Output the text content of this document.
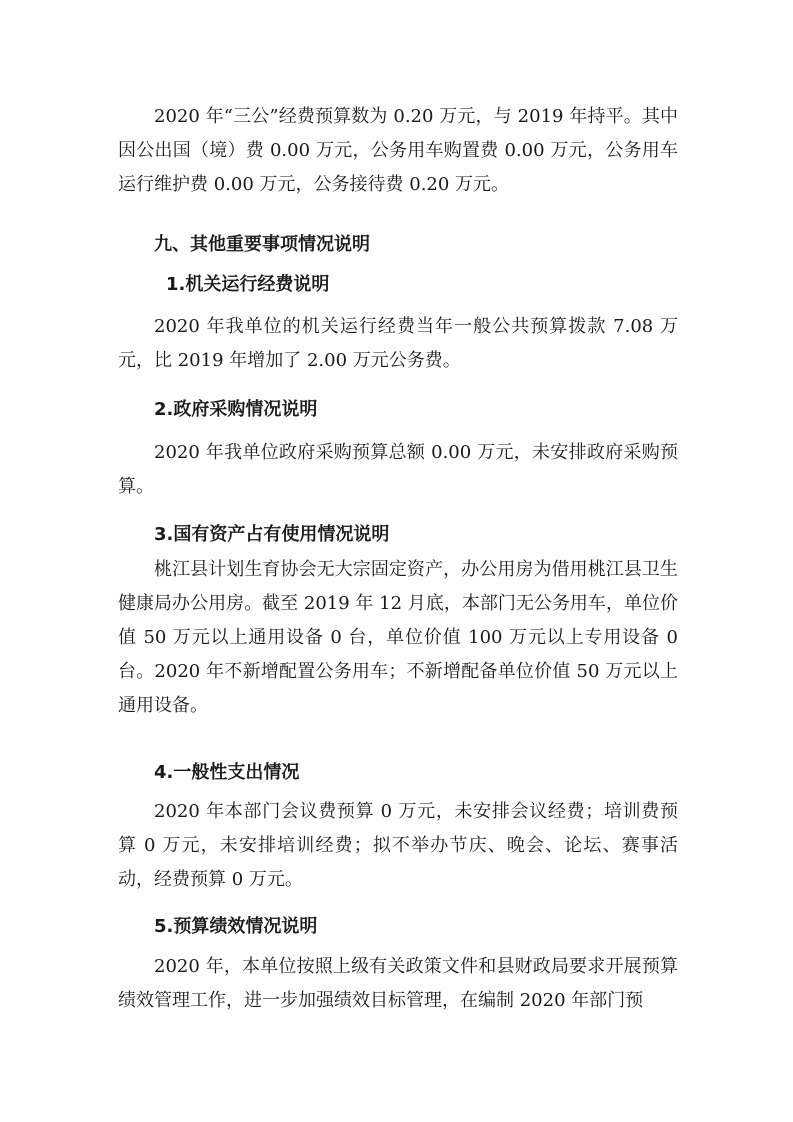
2020 年“三公”经费预算数为 0.20 万元，与 2019 年持平。其中因公出国（境）费 0.00 万元，公务用车购置费 0.00 万元，公务用车运行维护费 0.00 万元，公务接待费 0.20 万元。

九、其他重要事项情况说明
1.机关运行经费说明

2020 年我单位的机关运行经费当年一般公共预算拨款 7.08 万元，比 2019 年增加了 2.00 万元公务费。

2.政府采购情况说明

2020 年我单位政府采购预算总额 0.00 万元，未安排政府采购预算。

3.国有资产占有使用情况说明

桃江县计划生育协会无大宗固定资产，办公用房为借用桃江县卫生健康局办公用房。截至 2019 年 12 月底，本部门无公务用车，单位价值 50 万元以上通用设备 0 台，单位价值 100 万元以上专用设备 0 台。2020 年不新增配置公务用车；不新增配备单位价值 50 万元以上通用设备。

4.一般性支出情况

2020 年本部门会议费预算 0 万元，未安排会议经费；培训费预算 0 万元，未安排培训经费；拟不举办节庆、晚会、论坛、赛事活动，经费预算 0 万元。

5.预算绩效情况说明

2020 年，本单位按照上级有关政策文件和县财政局要求开展预算绩效管理工作，进一步加强绩效目标管理，在编制 2020 年部门预
